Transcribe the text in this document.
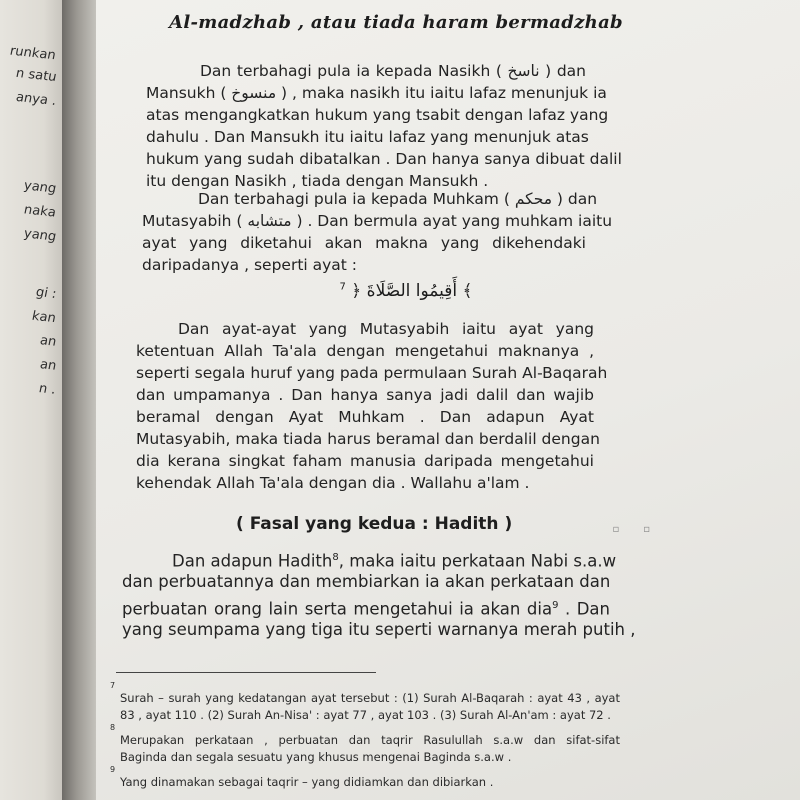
runkan
n satu
anya .
yang
naka
yang
gi :
kan
an
an
n .
Al-madzhab , atau tiada haram bermadzhab
Dan terbahagi pula ia kepada Nasikh ( ناسخ ) dan
Mansukh ( منسوخ ) , maka nasikh itu iaitu lafaz menunjuk ia
atas mengangkatkan hukum yang tsabit dengan lafaz yang
dahulu . Dan Mansukh itu iaitu lafaz yang menunjuk atas
hukum yang sudah dibatalkan . Dan hanya sanya dibuat dalil
itu dengan Nasikh , tiada dengan Mansukh .
Dan terbahagi pula ia kepada Muhkam ( محكم ) dan
Mutasyabih ( متشابه ) . Dan bermula ayat yang muhkam iaitu
ayat yang diketahui akan makna yang dikehendaki
daripadanya , seperti ayat :
$^7$ ﴿ أَقِيمُوا الصَّلَاةَ ﴾
Dan ayat-ayat yang Mutasyabih iaitu ayat yang
ketentuan Allah Ta'ala dengan mengetahui maknanya ,
seperti segala huruf yang pada permulaan Surah Al-Baqarah
dan umpamanya . Dan hanya sanya jadi dalil dan wajib
beramal dengan Ayat Muhkam . Dan adapun Ayat
Mutasyabih, maka tiada harus beramal dan berdalil dengan
dia kerana singkat faham manusia daripada mengetahui
kehendak Allah Ta'ala dengan dia . Wallahu a'lam .
( Fasal yang kedua : Hadith )	▫ ▫
Dan adapun Hadith$^8$, maka iaitu perkataan Nabi s.a.w
dan perbuatannya dan membiarkan ia akan perkataan dan
perbuatan orang lain serta mengetahui ia akan dia$^9$ . Dan
yang seumpama yang tiga itu seperti warnanya merah putih ,
7
Surah – surah yang kedatangan ayat tersebut : (1) Surah Al-Baqarah : ayat 43 , ayat
83 , ayat 110 . (2) Surah An-Nisa' : ayat 77 , ayat 103 . (3) Surah Al-An'am : ayat 72 .
8
Merupakan perkataan , perbuatan dan taqrir Rasulullah s.a.w dan sifat-sifat
Baginda dan segala sesuatu yang khusus mengenai Baginda s.a.w .
9
Yang dinamakan sebagai taqrir – yang didiamkan dan dibiarkan .
